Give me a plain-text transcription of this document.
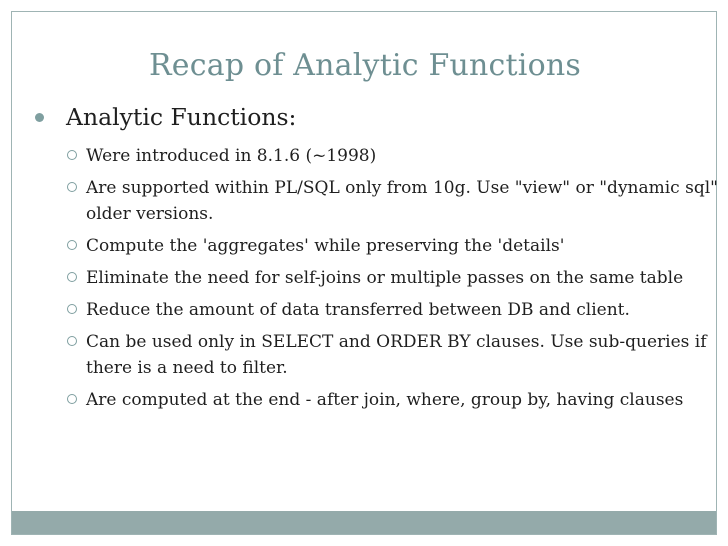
Recap of Analytic Functions
Analytic Functions:
Were introduced in 8.1.6 (~1998)
Are supported within PL/SQL only from 10g. Use "view" or "dynamic sql" older versions.
Compute the 'aggregates' while preserving the 'details'
Eliminate the need for self-joins or multiple passes on the same table
Reduce the amount of data transferred between DB and client.
Can be used only in SELECT and ORDER BY clauses. Use sub-queries if there is a need to filter.
Are computed at the end - after join, where, group by, having clauses
